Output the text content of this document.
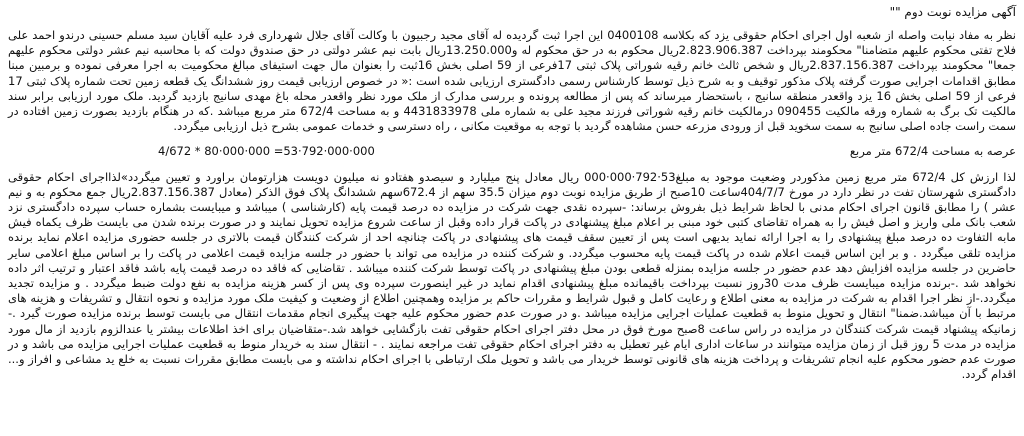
آگهی مزایده نوبت دوم ""

نظر به مفاد نیابت واصله از شعبه اول اجرای احکام حقوقی یزد که بکلاسه 0400108 این اجرا ثبت گردیده له آقای مجید رجبیون با وکالت آقای جلال شهرداری فرد علیه آقایان سید مسلم حسینی درندو احمد علی فلاح تفتی محکوم علیهم متضامنا" محکومند بپرداخت 2.823.906.387ریال محکوم به در حق محکوم له و13.250.000ریال بابت نیم عشر دولتی در حق صندوق دولت که با محاسبه نیم عشر دولتی محکوم علیهم جمعا" محکومند بپرداخت 2.837.156.387ریال و شخص ثالث خانم رقیه شوراتی پلاک ثبتی 17فرعی از 59 اصلی بخش 16ثبت را بعنوان مال جهت استیفای مبالغ محکومیت به اجرا معرفی نموده و برمبین مبنا مطابق اقدامات اجرایی صورت گرفته پلاک مذکور توقیف و به شرح ذیل توسط کارشناس رسمی دادگستری ارزیابی شده است :« در خصوص ارزیابی قیمت روز ششدانگ یک قطعه زمین تحت شماره پلاک ثبتی 17 فرعی از 59 اصلی بخش 16 یزد واقعدر منطقه سانیج ، باستحضار میرساند که پس از مطالعه پرونده و بررسی مدارک از ملک مورد نظر واقعدر محله باغ مهدی سانیج بازدید گردید. ملک مورد ارزیابی برابر سند مالکیت تک برگ به شماره ورقه مالکیت 090455 درمالکیت خانم رقیه شوراتی فرزند مجید علی به شماره ملی 4431833978 و به مساحت 672/4 متر مربع میباشد .که در هنگام بازدید بصورت زمین افتاده در سمت راست جاده اصلی سانیج به سمت سخوید قبل از ورودی مزرعه حسن مشاهده گردید با توجه به موقعیت مکانی ، راه دسترسی و خدمات عمومی بشرح ذیل ارزیابی میگردد.

عرصه به مساحت 672/4 متر مربع
4/672 * 80·000·000 =53·792·000·000

لذا ارزش کل 672/4 متر مربع زمین مذکوردر وضعیت موجود به مبلغ53·792·000·000 ریال معادل پنج میلیارد و سیصدو هفتادو نه میلیون دویست هزارتومان براورد و تعیین میگردد»لذااجرای احکام حقوقی دادگستری شهرستان تفت در نظر دارد در مورخ 404/7/7ساعت 10صبح از طریق مزایده نوبت دوم میزان 35.5 سهم از 672.4سهم ششدانگ پلاک فوق الذکر (معادل 2.837.156.387ریال جمع محکوم به و نیم عشر ) را مطابق قانون اجرای احکام مدنی با لحاظ شرایط ذیل بفروش برساند: -سپرده نقدی جهت شرکت در مزایده ده درصد قیمت پایه (کارشناسی ) میباشد و میبایست بشماره حساب سپرده دادگستری نزد شعب بانک ملی واریز و اصل فیش را به همراه تقاضای کتبی خود مبنی بر اعلام مبلغ پیشنهادی در پاکت قرار داده وقبل از ساعت شروع مزایده تحویل نمایند و در صورت برنده شدن می بایست ظرف یکماه فیش مابه التفاوت ده درصد مبلغ پیشنهادی را به اجرا ارائه نماید بدیهی است پس از تعیین سقف قیمت های پیشنهادی در پاکت چنانچه احد از شرکت کنندگان قیمت بالاتری در جلسه حضوری مزایده اعلام نماید برنده مزایده تلقی میگردد . و بر این اساس قیمت اعلام شده در پاکت قیمت پایه محسوب میگردد. و شرکت کننده در مزایده می تواند با حضور در جلسه مزایده قیمت اعلامی در پاکت را بر اساس مبلغ اعلامی سایر حاضرین در جلسه مزایده افزایش دهد عدم حضور در جلسه مزایده بمنزله قطعی بودن مبلغ پیشنهادی در پاکت توسط شرکت کننده میباشد . تقاضایی که فاقد ده درصد قیمت پایه باشد فاقد اعتبار و ترتیب اثر داده نخواهد شد .-برنده مزایده میبایست ظرف مدت 30روز نسبت بپرداخت باقیمانده مبلغ پیشنهادی اقدام نماید در غیر اینصورت سپرده وی پس از کسر هزینه مزایده به نفع دولت ضبط میگردد . و مزایده تجدید میگردد.-از نظر اجرا اقدام به شرکت در مزایده به معنی اطلاع و رعایت کامل و قبول شرایط و مقررات حاکم بر مزایده وهمچنین اطلاع از وضعیت و کیفیت ملک مورد مزایده و نحوه انتقال و تشریفات و هزینه های مرتبط با آن میباشد.ضمنا" انتقال و تحویل منوط به قطعیت عملیات اجرایی مزایده میباشد .و در صورت عدم حضور محکوم علیه جهت پیگیری انجام مقدمات انتقال می بایست توسط برنده مزایده صورت گیرد .-زمانیکه پیشنهاد قیمت شرکت کنندگان در مزایده در راس ساعت 8صبح مورخ فوق در محل دفتر اجرای احکام حقوقی تفت بازگشایی خواهد شد.-متقاضیان برای اخذ اطلاعات بیشتر یا عندالزوم بازدید از مال مورد مزایده در مدت 5 روز قبل از زمان مزایده میتوانند در ساعات اداری ایام غیر تعطیل به دفتر اجرای احکام حقوقی تفت مراجعه نمایند . - انتقال سند به خریدار منوط به قطعیت عملیات اجرایی مزایده می باشد و در صورت عدم حضور محکوم علیه انجام تشریفات و پرداخت هزینه های قانونی توسط خریدار می باشد و تحویل ملک ارتباطی با اجرای احکام نداشته و می بایست مطابق مقررات نسبت به خلع ید مشاعی و افراز و... اقدام گردد.
